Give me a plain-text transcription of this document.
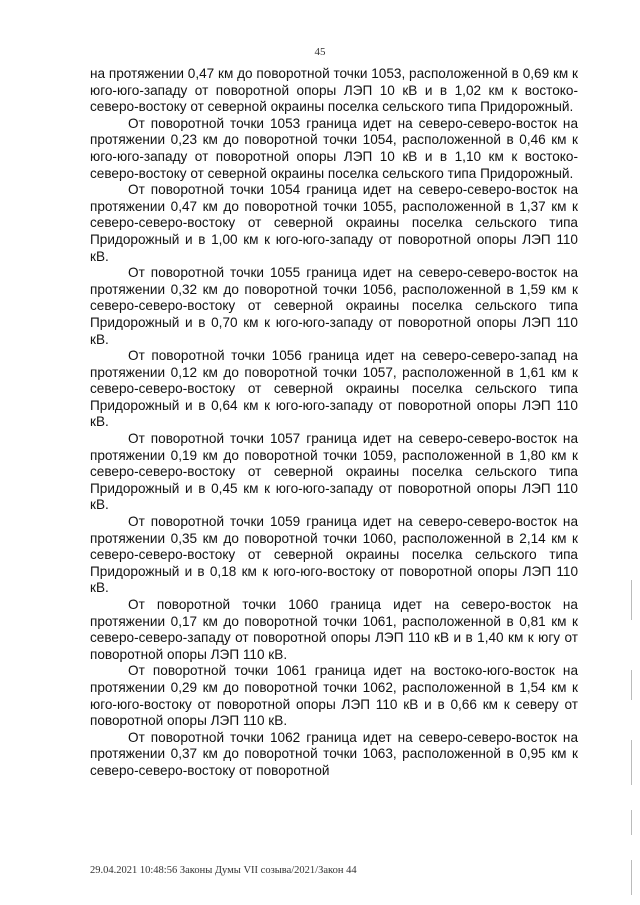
45

на протяжении 0,47 км до поворотной точки 1053, расположенной в 0,69 км к юго-юго-западу от поворотной опоры ЛЭП 10 кВ и в 1,02 км к востоко-северо-востоку от северной окраины поселка сельского типа Придорожный.

От поворотной точки 1053 граница идет на северо-северо-восток на протяжении 0,23 км до поворотной точки 1054, расположенной в 0,46 км к юго-юго-западу от поворотной опоры ЛЭП 10 кВ и в 1,10 км к востоко-северо-востоку от северной окраины поселка сельского типа Придорожный.

От поворотной точки 1054 граница идет на северо-северо-восток на протяжении 0,47 км до поворотной точки 1055, расположенной в 1,37 км к северо-северо-востоку от северной окраины поселка сельского типа Придорожный и в 1,00 км к юго-юго-западу от поворотной опоры ЛЭП 110 кВ.

От поворотной точки 1055 граница идет на северо-северо-восток на протяжении 0,32 км до поворотной точки 1056, расположенной в 1,59 км к северо-северо-востоку от северной окраины поселка сельского типа Придорожный и в 0,70 км к юго-юго-западу от поворотной опоры ЛЭП 110 кВ.

От поворотной точки 1056 граница идет на северо-северо-запад на протяжении 0,12 км до поворотной точки 1057, расположенной в 1,61 км к северо-северо-востоку от северной окраины поселка сельского типа Придорожный и в 0,64 км к юго-юго-западу от поворотной опоры ЛЭП 110 кВ.

От поворотной точки 1057 граница идет на северо-северо-восток на протяжении 0,19 км до поворотной точки 1059, расположенной в 1,80 км к северо-северо-востоку от северной окраины поселка сельского типа Придорожный и в 0,45 км к юго-юго-западу от поворотной опоры ЛЭП 110 кВ.

От поворотной точки 1059 граница идет на северо-северо-восток на протяжении 0,35 км до поворотной точки 1060, расположенной в 2,14 км к северо-северо-востоку от северной окраины поселка сельского типа Придорожный и в 0,18 км к юго-юго-востоку от поворотной опоры ЛЭП 110 кВ.

От поворотной точки 1060 граница идет на северо-восток на протяжении 0,17 км до поворотной точки 1061, расположенной в 0,81 км к северо-северо-западу от поворотной опоры ЛЭП 110 кВ и в 1,40 км к югу от поворотной опоры ЛЭП 110 кВ.

От поворотной точки 1061 граница идет на востоко-юго-восток на протяжении 0,29 км до поворотной точки 1062, расположенной в 1,54 км к юго-юго-востоку от поворотной опоры ЛЭП 110 кВ и в 0,66 км к северу от поворотной опоры ЛЭП 110 кВ.

От поворотной точки 1062 граница идет на северо-северо-восток на протяжении 0,37 км до поворотной точки 1063, расположенной в 0,95 км к северо-северо-востоку от поворотной

29.04.2021 10:48:56 Законы Думы VII созыва/2021/Закон 44
